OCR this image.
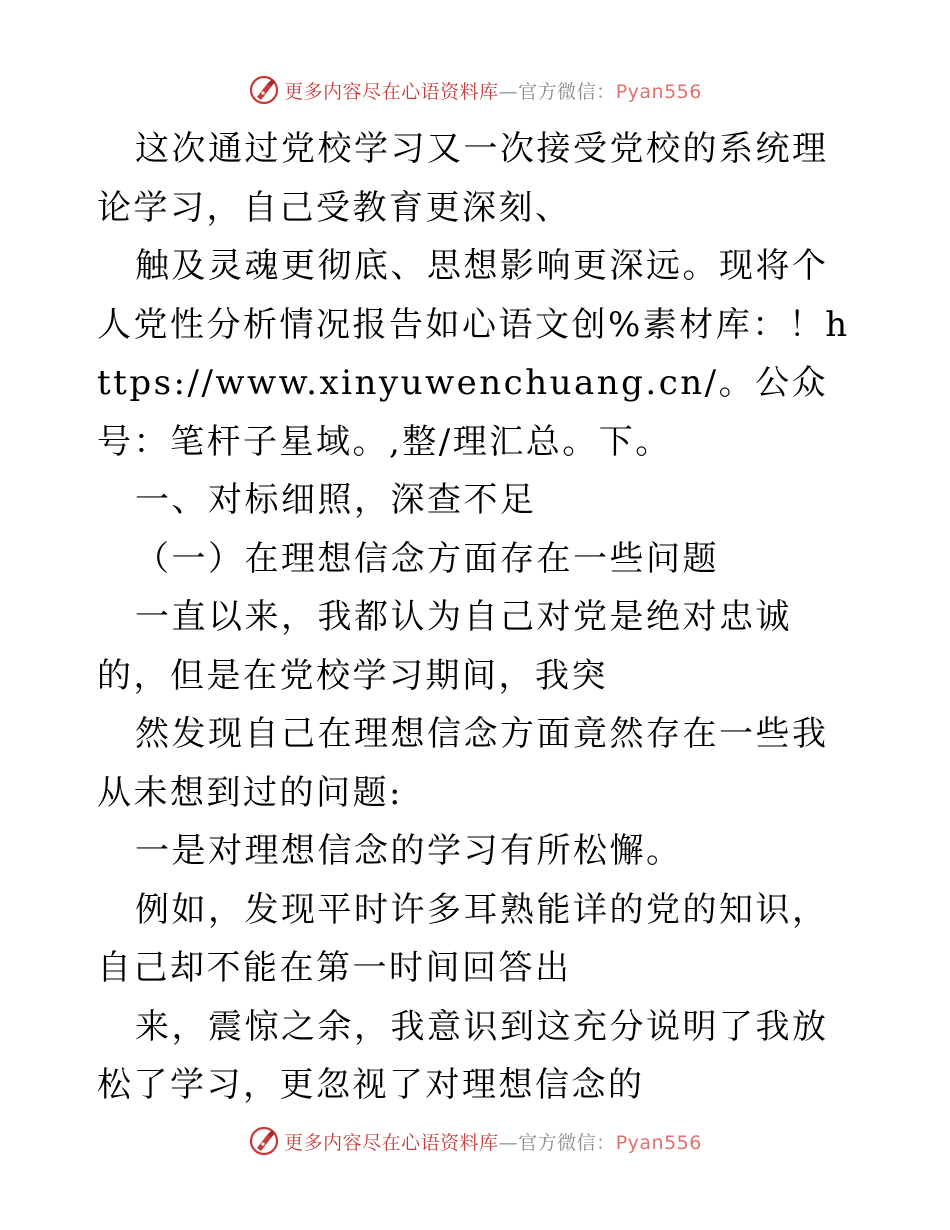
更多内容尽在心语资料库—官方微信：Pyan556

这次通过党校学习又一次接受党校的系统理论学习，自己受教育更深刻、

触及灵魂更彻底、思想影响更深远。现将个人党性分析情况报告如心语文创%素材库：！https://www.xinyuwenchuang.cn/。公众号：笔杆子星域。,整/理汇总。下。

一、对标细照，深查不足

（一）在理想信念方面存在一些问题

一直以来，我都认为自己对党是绝对忠诚的，但是在党校学习期间，我突

然发现自己在理想信念方面竟然存在一些我从未想到过的问题:

一是对理想信念的学习有所松懈。

例如，发现平时许多耳熟能详的党的知识，自己却不能在第一时间回答出

来，震惊之余，我意识到这充分说明了我放松了学习，更忽视了对理想信念的

更多内容尽在心语资料库—官方微信：Pyan556
